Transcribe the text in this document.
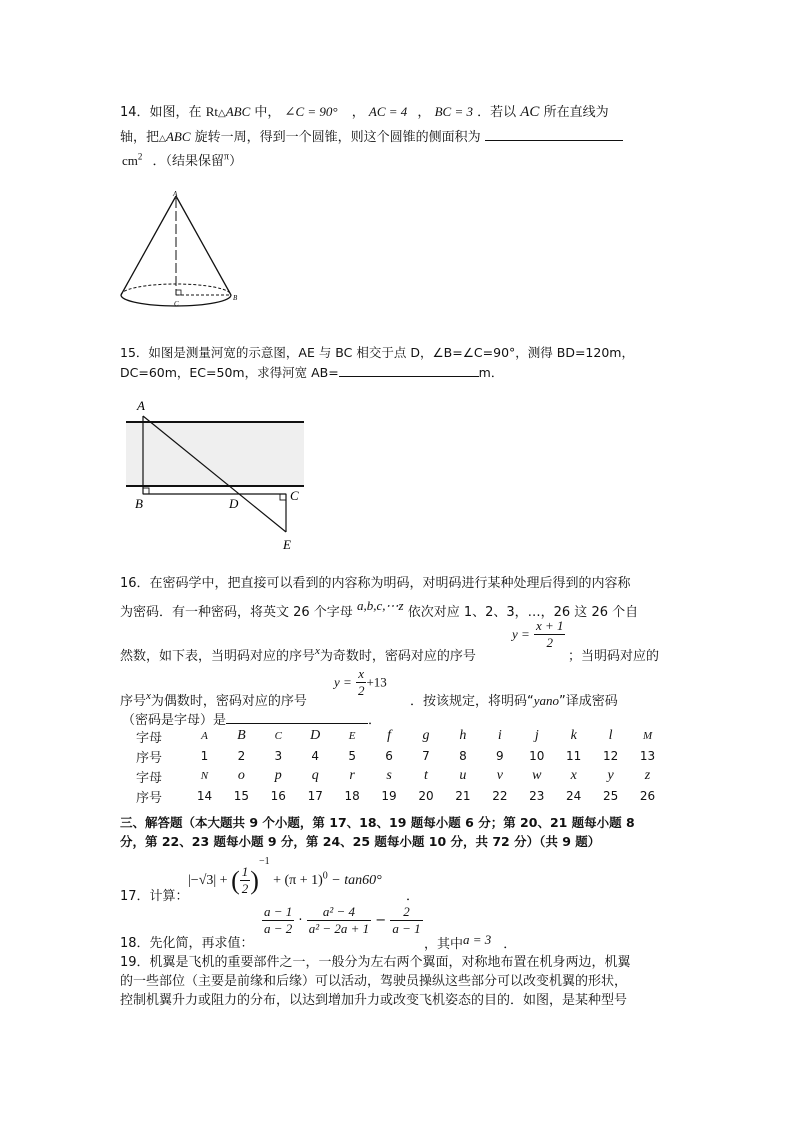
14．如图，在 Rt△ABC 中， ∠C = 90° ， AC = 4 ， BC = 3 ．若以 AC 所在直线为
轴，把△ABC 旋转一周，得到一个圆锥，则这个圆锥的侧面积为
$cm^2$ ．（结果保留$^\pi$）
A
B
C
15．如图是测量河宽的示意图，AE 与 BC 相交于点 D，∠B=∠C=90°，测得 BD=120m，
DC=60m，EC=50m，求得河宽 AB=	m．
A
B	D
C
E
16．在密码学中，把直接可以看到的内容称为明码，对明码进行某种处理后得到的内容称
为密码．有一种密码，将英文 26 个字母 a,b,c,⋯z 依次对应 1、2、3，…，26 这 26 个自
然数，如下表，当明码对应的序号$^x$为奇数时，密码对应的序号
$y = \frac{x + 1}{2}$
；当明码对应的
序号$^x$为偶数时，密码对应的序号
$y = \frac{x}{2} +13$
．按该规定，将明码“yano”译成密码
（密码是字母）是	．
字母	A	B	C	D	E	f	g	h	i	j	k	l	M
序号	1	2	3	4	5	6	7	8	9	10	11	12	13
字母	N	o	p	q	r	s	t	u	v	w	x	y	z
序号	14	15	16	17	18	19	20	21	22	23	24	25	26
三、解答题（本大题共 9 个小题，第 17、18、19 题每小题 6 分；第 20、21 题每小题 8
分，第 22、23 题每小题 9 分，第 24、25 题每小题 10 分，共 72 分）（共 9 题）
|−√3| + ( $\frac{1}{2} )^{-1} + (\pi + 1)^0 - \tan 60^\circ$
17．计算：	．
$\frac{a - 1}{a - 2} \cdot \frac{\text{a² − 4}}{\text{a² − 2a + 1}} - \frac{2}{a - 1}$
18．先化简，再求值：	，其中a = 3 ．
19．机翼是飞机的重要部件之一，一般分为左右两个翼面，对称地布置在机身两边，机翼
的一些部位（主要是前缘和后缘）可以活动，驾驶员操纵这些部分可以改变机翼的形状，
控制机翼升力或阻力的分布，以达到增加升力或改变飞机姿态的目的．如图，是某种型号
